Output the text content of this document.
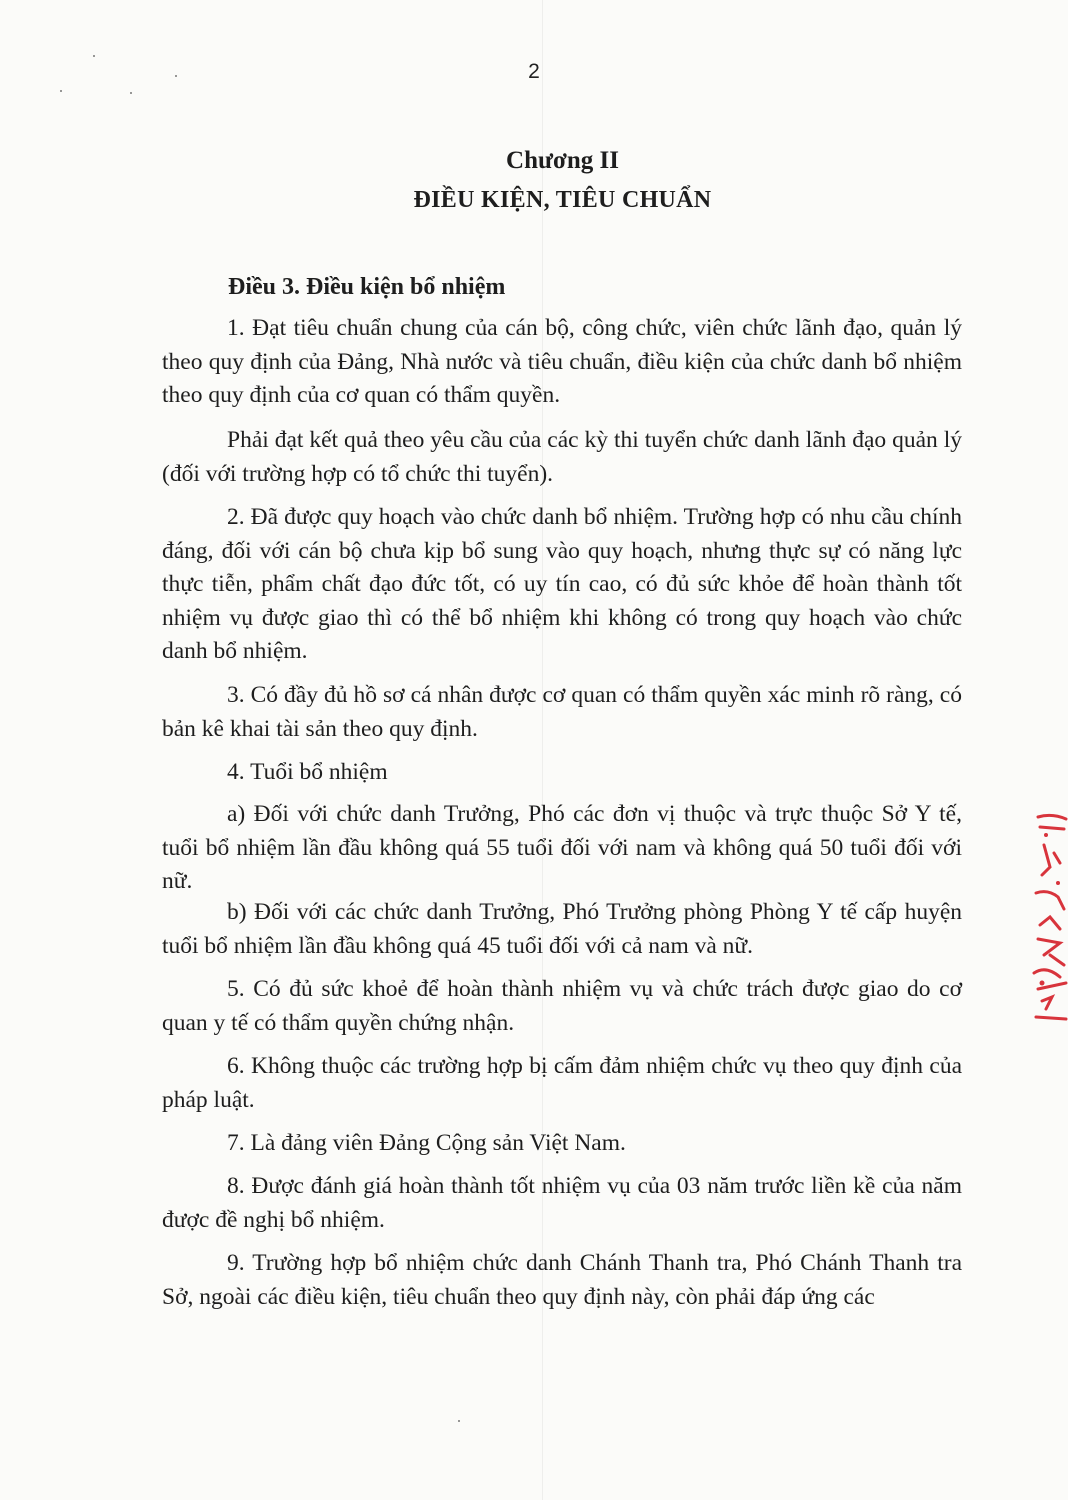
2
Chương II
ĐIỀU KIỆN, TIÊU CHUẨN
Điều 3. Điều kiện bổ nhiệm

1. Đạt tiêu chuẩn chung của cán bộ, công chức, viên chức lãnh đạo, quản lý theo quy định của Đảng, Nhà nước và tiêu chuẩn, điều kiện của chức danh bổ nhiệm theo quy định của cơ quan có thẩm quyền.

Phải đạt kết quả theo yêu cầu của các kỳ thi tuyển chức danh lãnh đạo quản lý (đối với trường hợp có tổ chức thi tuyển).

2. Đã được quy hoạch vào chức danh bổ nhiệm. Trường hợp có nhu cầu chính đáng, đối với cán bộ chưa kịp bổ sung vào quy hoạch, nhưng thực sự có năng lực thực tiễn, phẩm chất đạo đức tốt, có uy tín cao, có đủ sức khỏe để hoàn thành tốt nhiệm vụ được giao thì có thể bổ nhiệm khi không có trong quy hoạch vào chức danh bổ nhiệm.

3. Có đầy đủ hồ sơ cá nhân được cơ quan có thẩm quyền xác minh rõ ràng, có bản kê khai tài sản theo quy định.

4. Tuổi bổ nhiệm

a) Đối với chức danh Trưởng, Phó các đơn vị thuộc và trực thuộc Sở Y tế, tuổi bổ nhiệm lần đầu không quá 55 tuổi đối với nam và không quá 50 tuổi đối với nữ.

b) Đối với các chức danh Trưởng, Phó Trưởng phòng Phòng Y tế cấp huyện tuổi bổ nhiệm lần đầu không quá 45 tuổi đối với cả nam và nữ.

5. Có đủ sức khoẻ để hoàn thành nhiệm vụ và chức trách được giao do cơ quan y tế có thẩm quyền chứng nhận.

6. Không thuộc các trường hợp bị cấm đảm nhiệm chức vụ theo quy định của pháp luật.

7. Là đảng viên Đảng Cộng sản Việt Nam.

8. Được đánh giá hoàn thành tốt nhiệm vụ của 03 năm trước liền kề của năm được đề nghị bổ nhiệm.

9. Trường hợp bổ nhiệm chức danh Chánh Thanh tra, Phó Chánh Thanh tra Sở, ngoài các điều kiện, tiêu chuẩn theo quy định này, còn phải đáp ứng các
